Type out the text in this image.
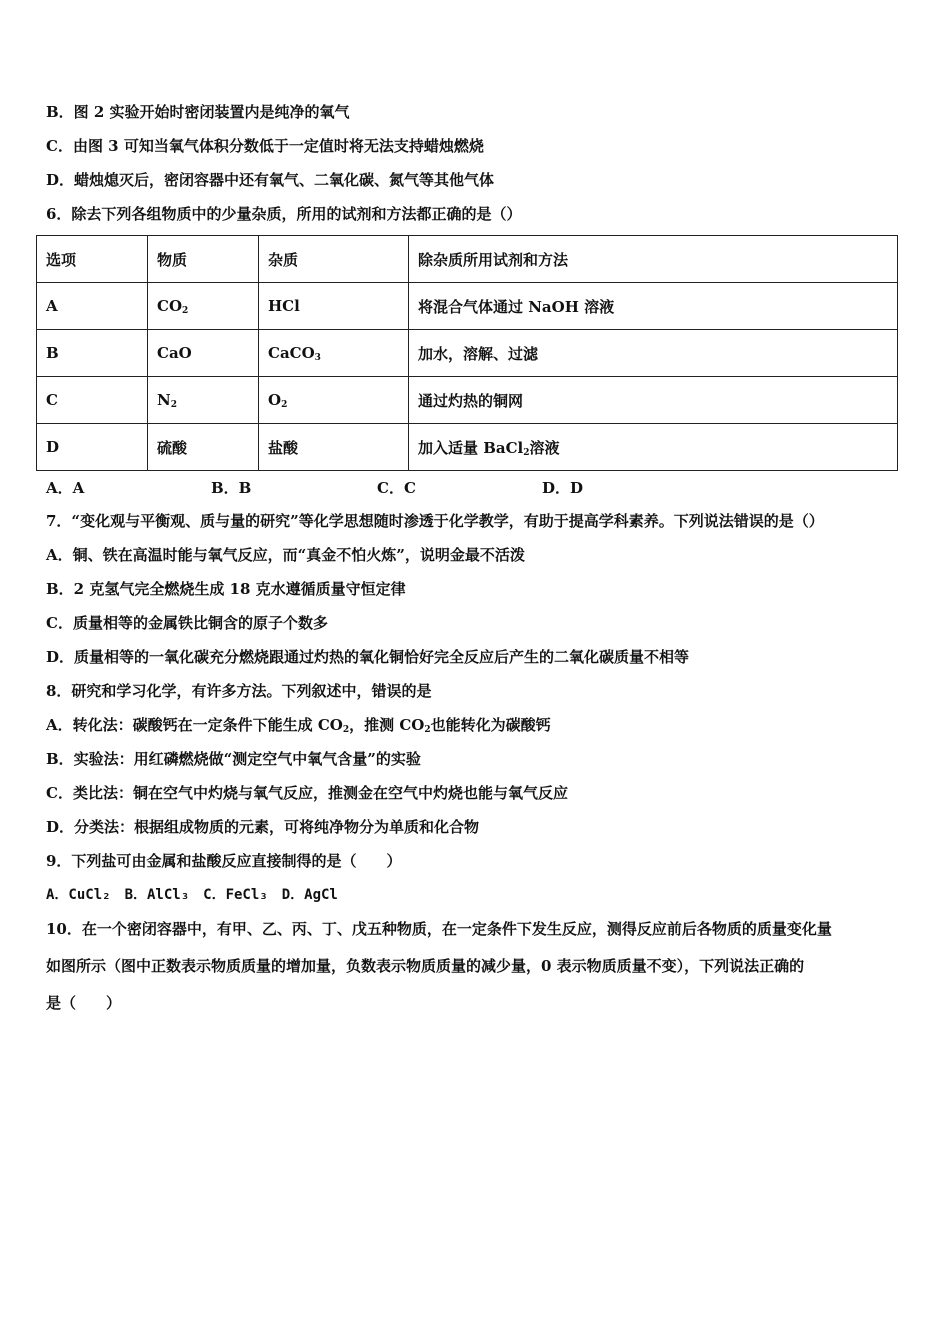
B．图 2 实验开始时密闭装置内是纯净的氧气
C．由图 3 可知当氧气体积分数低于一定值时将无法支持蜡烛燃烧
D．蜡烛熄灭后，密闭容器中还有氧气、二氧化碳、氮气等其他气体
6．除去下列各组物质中的少量杂质，所用的试剂和方法都正确的是（）
选项	物质	杂质	除杂质所用试剂和方法
A	$CO_2$	HCl	将混合气体通过 NaOH 溶液
B	CaO	CaCO$_3$	加水，溶解、过滤
C	$N_2$	$O_2$	通过灼热的铜网
D	硫酸	盐酸	加入适量 BaCl$_2$溶液
A．A	B．B	C．C	D．D
7．“变化观与平衡观、质与量的研究”等化学思想随时渗透于化学教学，有助于提高学科素养。下列说法错误的是（）
A．铜、铁在高温时能与氧气反应，而“真金不怕火炼”，说明金最不活泼
B．2 克氢气完全燃烧生成 18 克水遵循质量守恒定律
C．质量相等的金属铁比铜含的原子个数多
D．质量相等的一氧化碳充分燃烧跟通过灼热的氧化铜恰好完全反应后产生的二氧化碳质量不相等
8．研究和学习化学，有许多方法。下列叙述中，错误的是
A．转化法：碳酸钙在一定条件下能生成 $CO_2$，推测 $CO_2$也能转化为碳酸钙
B．实验法：用红磷燃烧做“测定空气中氧气含量”的实验
C．类比法：铜在空气中灼烧与氧气反应，推测金在空气中灼烧也能与氧气反应
D．分类法：根据组成物质的元素，可将纯净物分为单质和化合物
9．下列盐可由金属和盐酸反应直接制得的是（　　）
A．CuCl₂　B．AlCl₃　C．FeCl₃　D．AgCl
10．在一个密闭容器中，有甲、乙、丙、丁、戊五种物质，在一定条件下发生反应，测得反应前后各物质的质量变化量
如图所示（图中正数表示物质质量的增加量，负数表示物质质量的减少量，0 表示物质质量不变），下列说法正确的
是（　　）
